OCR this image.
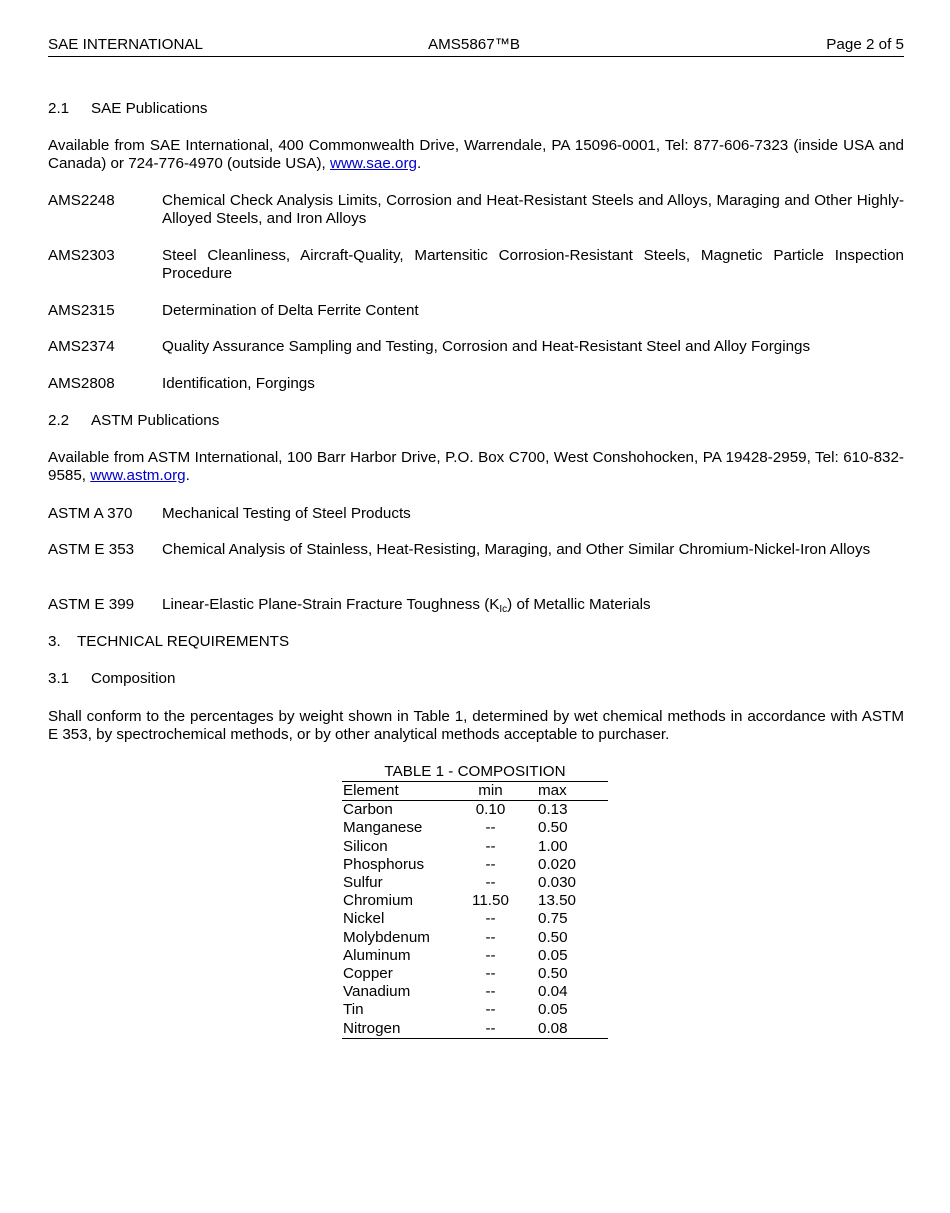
SAE INTERNATIONAL	AMS5867™B	Page 2 of 5
2.1 SAE Publications
Available from SAE International, 400 Commonwealth Drive, Warrendale, PA 15096-0001, Tel: 877-606-7323 (inside USA and Canada) or 724-776-4970 (outside USA), www.sae.org.
AMS2248	Chemical Check Analysis Limits, Corrosion and Heat-Resistant Steels and Alloys, Maraging and Other Highly-Alloyed Steels, and Iron Alloys
AMS2303	Steel Cleanliness, Aircraft-Quality, Martensitic Corrosion-Resistant Steels, Magnetic Particle Inspection Procedure
AMS2315	Determination of Delta Ferrite Content
AMS2374	Quality Assurance Sampling and Testing, Corrosion and Heat-Resistant Steel and Alloy Forgings
AMS2808	Identification, Forgings
2.2 ASTM Publications
Available from ASTM International, 100 Barr Harbor Drive, P.O. Box C700, West Conshohocken, PA 19428-2959, Tel: 610-832-9585, www.astm.org.
ASTM A 370	Mechanical Testing of Steel Products
ASTM E 353	Chemical Analysis of Stainless, Heat-Resisting, Maraging, and Other Similar Chromium-Nickel-Iron Alloys
ASTM E 399	Linear-Elastic Plane-Strain Fracture Toughness $(K_{Ic})$ of Metallic Materials
3. TECHNICAL REQUIREMENTS
3.1 Composition
Shall conform to the percentages by weight shown in Table 1, determined by wet chemical methods in accordance with ASTM E 353, by spectrochemical methods, or by other analytical methods acceptable to purchaser.
TABLE 1 - COMPOSITION
Element	min	max
Carbon	0.10	0.13
Manganese	--	0.50
Silicon	--	1.00
Phosphorus	--	0.020
Sulfur	--	0.030
Chromium	11.50	13.50
Nickel	--	0.75
Molybdenum	--	0.50
Aluminum	--	0.05
Copper	--	0.50
Vanadium	--	0.04
Tin	--	0.05
Nitrogen	--	0.08
